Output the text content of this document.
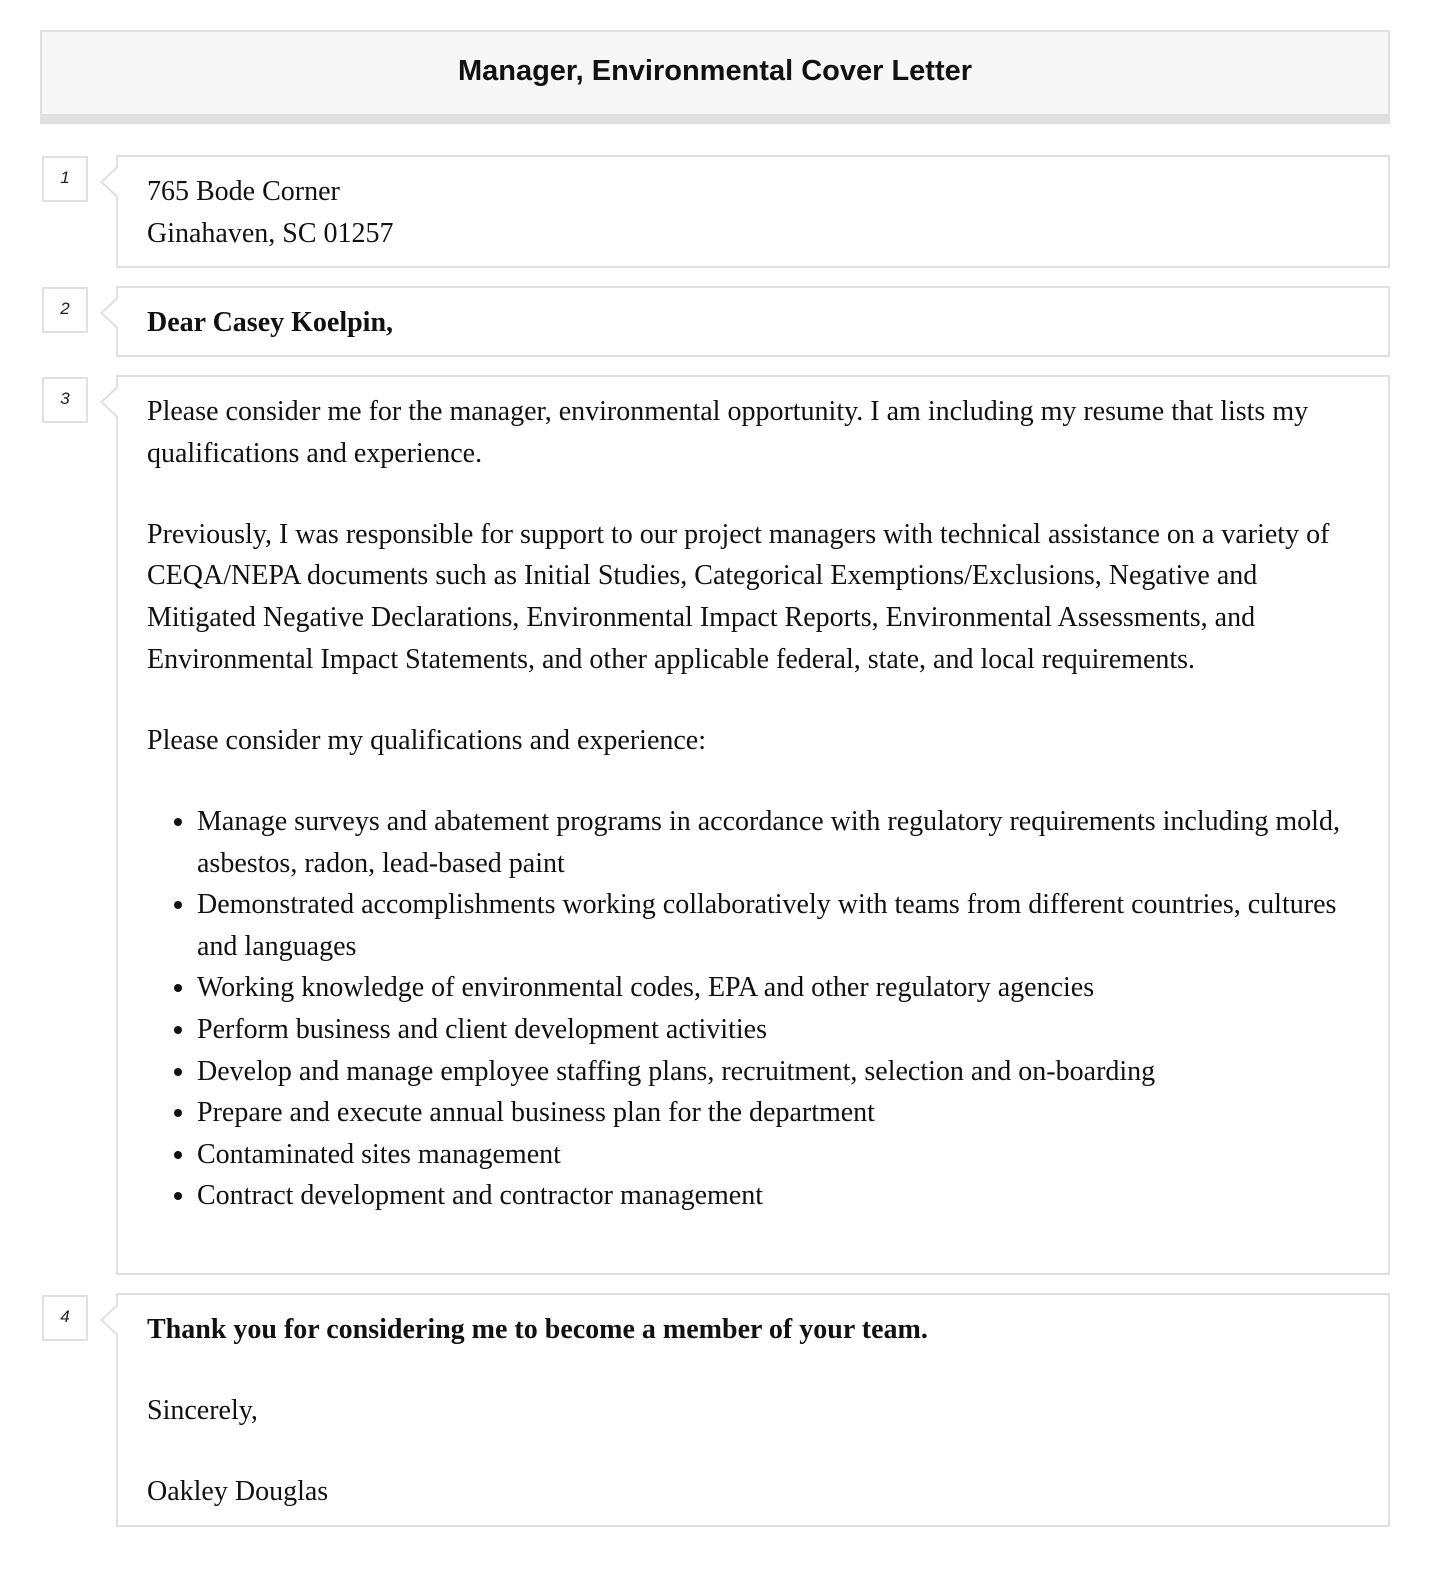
Manager, Environmental Cover Letter
1	765 Bode Corner

Ginahaven, SC 01257

2	Dear Casey Koelpin,

3	Please consider me for the manager, environmental opportunity. I am including my resume that lists my qualifications and experience.

Previously, I was responsible for support to our project managers with technical assistance on a variety of CEQA/NEPA documents such as Initial Studies, Categorical Exemptions/Exclusions, Negative and Mitigated Negative Declarations, Environmental Impact Reports, Environmental Assessments, and Environmental Impact Statements, and other applicable federal, state, and local requirements.

Please consider my qualifications and experience:

• Manage surveys and abatement programs in accordance with regulatory requirements including mold, asbestos, radon, lead-based paint
• Demonstrated accomplishments working collaboratively with teams from different countries, cultures and languages
• Working knowledge of environmental codes, EPA and other regulatory agencies
• Perform business and client development activities
• Develop and manage employee staffing plans, recruitment, selection and on-boarding
• Prepare and execute annual business plan for the department
• Contaminated sites management
• Contract development and contractor management
4	Thank you for considering me to become a member of your team.

Sincerely,

Oakley Douglas
